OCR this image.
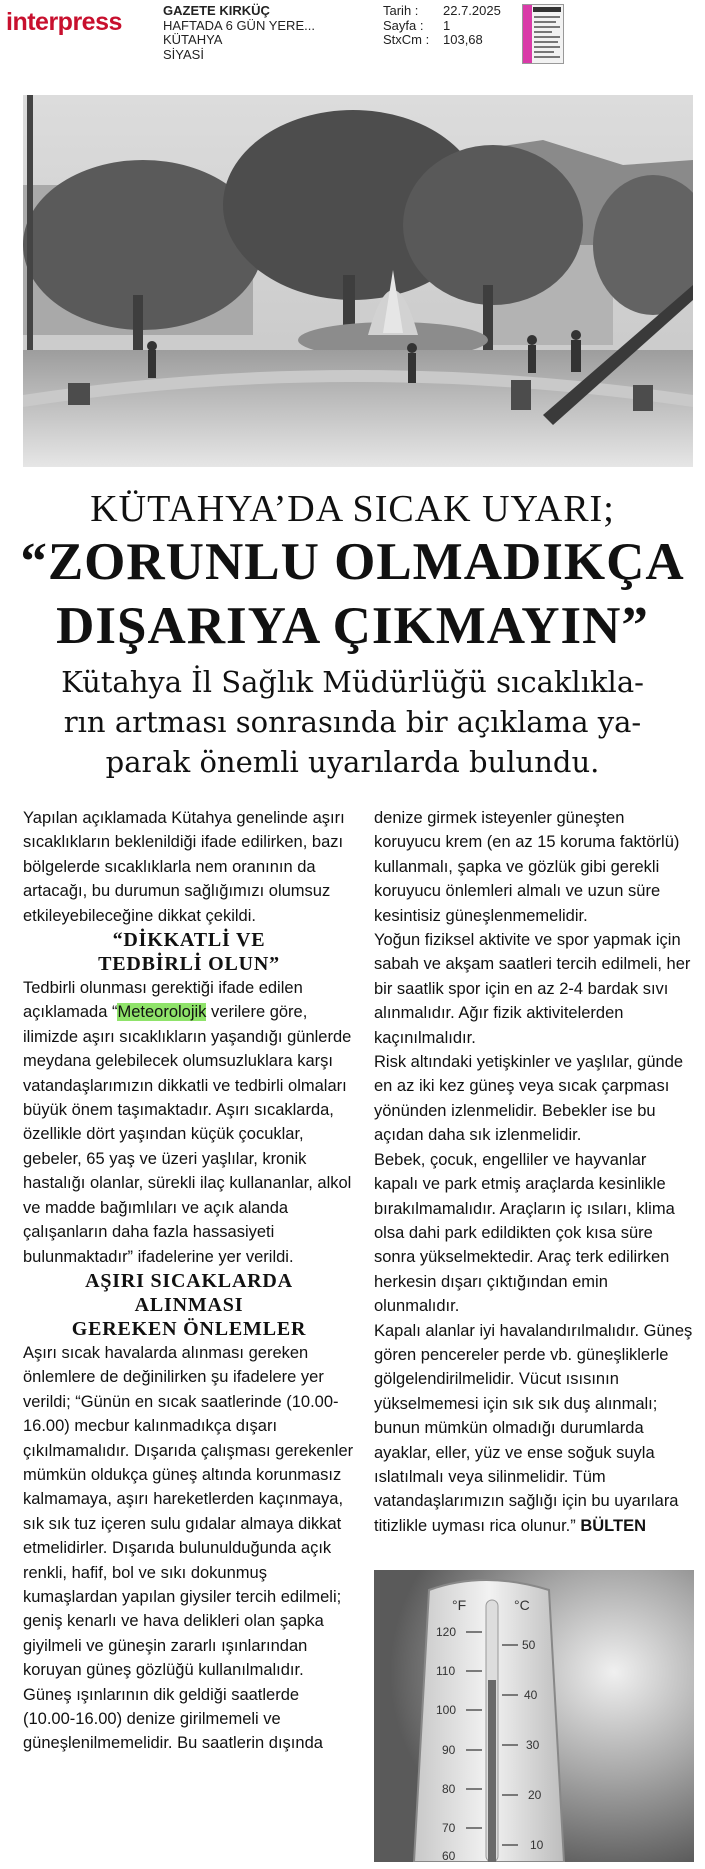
interpress	GAZETE KIRKÜÇ
HAFTADA 6 GÜN YERE...
KÜTAHYA
SİYASİ
Tarih :	22.7.2025
Sayfa :	1
StxCm :	103,68
KÜTAHYA’DA SICAK UYARI;
“ZORUNLU OLMADIKÇA
DIŞARIYA ÇIKMAYIN”
Kütahya İl Sağlık Müdürlüğü sıcaklıkla-
rın artması sonrasında bir açıklama ya-
parak önemli uyarılarda bulundu.

Yapılan açıklamada Kütahya genelinde aşırı sıcaklıkların beklenildiği ifade edilirken, bazı bölgelerde sıcaklıklarla nem oranının da artacağı, bu durumun sağlığımızı olumsuz etkileyebileceğine dikkat çekildi.

“DİKKATLİ VE
TEDBİRLİ OLUN”

Tedbirli olunması gerektiği ifade edilen açıklamada “Meteorolojik verilere göre, ilimizde aşırı sıcaklıkların yaşandığı günlerde meydana gelebilecek olumsuzluklara karşı vatandaşlarımızın dikkatli ve tedbirli olmaları büyük önem taşımaktadır. Aşırı sıcaklarda, özellikle dört yaşından küçük çocuklar, gebeler, 65 yaş ve üzeri yaşlılar, kronik hastalığı olanlar, sürekli ilaç kullananlar, alkol ve madde bağımlıları ve açık alanda çalışanların daha fazla hassasiyeti bulunmaktadır” ifadelerine yer verildi.

AŞIRI SICAKLARDA
ALINMASI
GEREKEN ÖNLEMLER

Aşırı sıcak havalarda alınması gereken önlemlere de değinilirken şu ifadelere yer verildi; “Günün en sıcak saatlerinde (10.00-16.00) mecbur kalınmadıkça dışarı çıkılmamalıdır. Dışarıda çalışması gerekenler mümkün oldukça güneş altında korunmasız kalmamaya, aşırı hareketlerden kaçınmaya, sık sık tuz içeren sulu gıdalar almaya dikkat etmelidirler. Dışarıda bulunulduğunda açık renkli, hafif, bol ve sıkı dokunmuş kumaşlardan yapılan giysiler tercih edilmeli; geniş kenarlı ve hava delikleri olan şapka giyilmeli ve güneşin zararlı ışınlarından koruyan güneş gözlüğü kullanılmalıdır.

Güneş ışınlarının dik geldiği saatlerde (10.00-16.00) denize girilmemeli ve güneşlenilmemelidir. Bu saatlerin dışında

denize girmek isteyenler güneşten koruyucu krem (en az 15 koruma faktörlü) kullanmalı, şapka ve gözlük gibi gerekli koruyucu önlemleri almalı ve uzun süre kesintisiz güneşlenmemelidir.

Yoğun fiziksel aktivite ve spor yapmak için sabah ve akşam saatleri tercih edilmeli, her bir saatlik spor için en az 2-4 bardak sıvı alınmalıdır. Ağır fizik aktivitelerden kaçınılmalıdır.

Risk altındaki yetişkinler ve yaşlılar, günde en az iki kez güneş veya sıcak çarpması yönünden izlenmelidir. Bebekler ise bu açıdan daha sık izlenmelidir.

Bebek, çocuk, engelliler ve hayvanlar kapalı ve park etmiş araçlarda kesinlikle bırakılmamalıdır. Araçların iç ısıları, klima olsa dahi park edildikten çok kısa süre sonra yükselmektedir. Araç terk edilirken herkesin dışarı çıktığından emin olunmalıdır.

Kapalı alanlar iyi havalandırılmalıdır. Güneş gören pencereler perde vb. güneşliklerle gölgelendirilmelidir. Vücut ısısının yükselmemesi için sık sık duş alınmalı; bunun mümkün olmadığı durumlarda ayaklar, eller, yüz ve ense soğuk suyla ıslatılmalı veya silinmelidir. Tüm vatandaşlarımızın sağlığı için bu uyarılara titizlikle uyması rica olunur.” BÜLTEN

°F	°C
120
110
100
90
80
70
60
50
40
30
20
10
